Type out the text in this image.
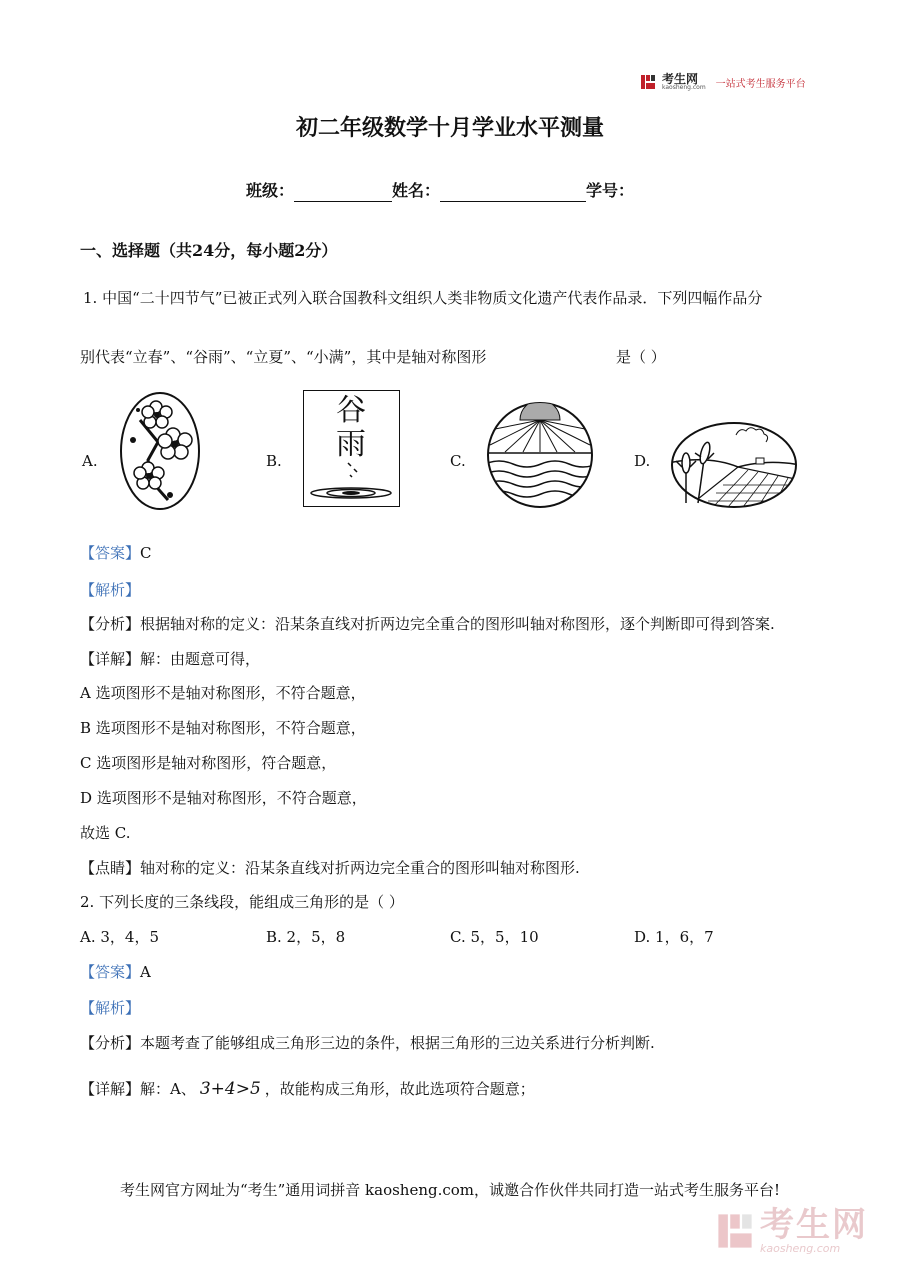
考生网
kaosheng.com 一站式考生服务平台
初二年级数学十月学业水平测量
班级：	姓名：	学号：
一、选择题（共24分，每小题2分）
1. 中国“二十四节气”已被正式列入联合国教科文组织人类非物质文化遗产代表作品录．下列四幅作品分
别代表“立春”、“谷雨”、“立夏”、“小满”，其中是轴对称图形	是（ ）
A.	B.	C.	D.
谷
雨
【答案】C
【解析】
【分析】根据轴对称的定义：沿某条直线对折两边完全重合的图形叫轴对称图形，逐个判断即可得到答案.
【详解】解：由题意可得，
A 选项图形不是轴对称图形，不符合题意，
B 选项图形不是轴对称图形，不符合题意，
C 选项图形是轴对称图形，符合题意，
D 选项图形不是轴对称图形，不符合题意，
故选 C.
【点睛】轴对称的定义：沿某条直线对折两边完全重合的图形叫轴对称图形.
2. 下列长度的三条线段，能组成三角形的是（ ）
A. 3，4，5	B. 2，5，8	C. 5，5，10	D. 1，6，7
【答案】A
【解析】
【分析】本题考查了能够组成三角形三边的条件，根据三角形的三边关系进行分析判断.
【详解】解：A、 3+4>5 ，故能构成三角形，故此选项符合题意；
考生网官方网址为“考生”通用词拼音 kaosheng.com，诚邀合作伙伴共同打造一站式考生服务平台!
考生网
kaosheng.com
